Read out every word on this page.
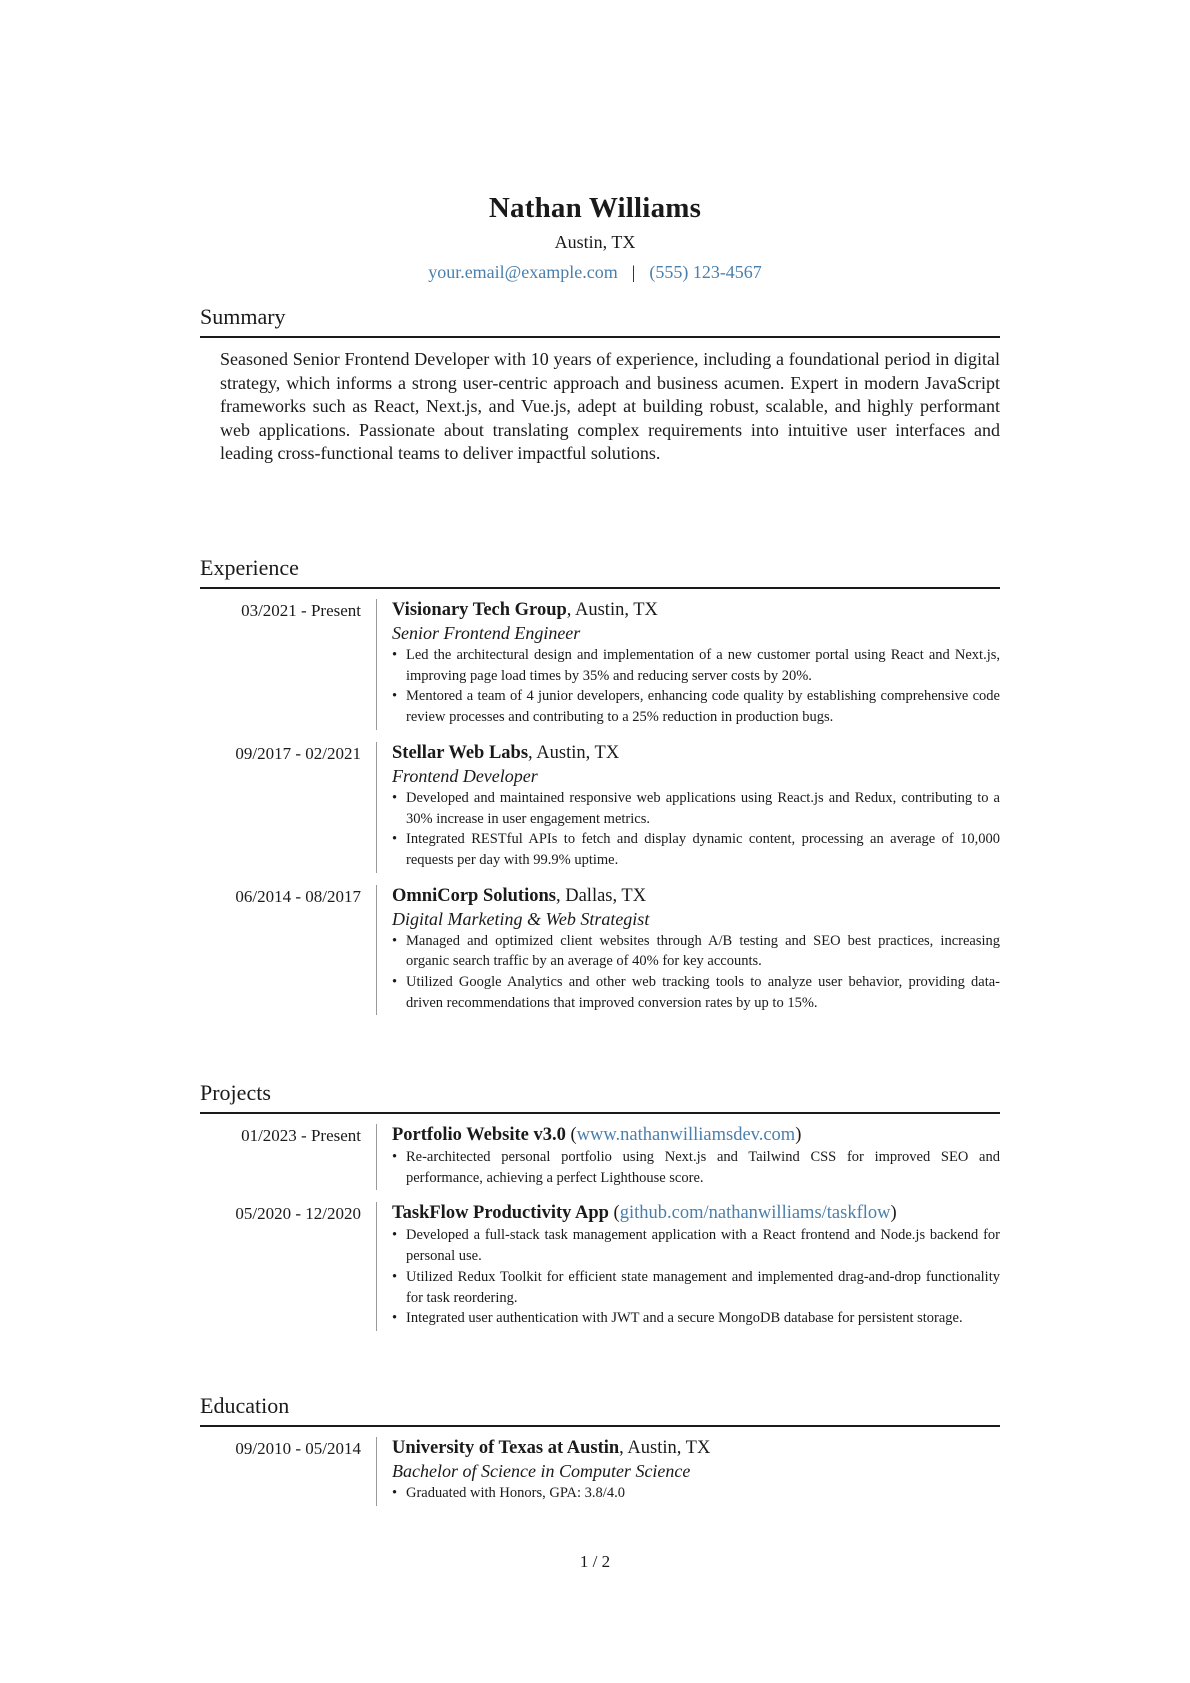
Nathan Williams
Austin, TX
your.email@example.com | (555) 123-4567
Summary
Seasoned Senior Frontend Developer with 10 years of experience, including a foundational period in digital strategy, which informs a strong user-centric approach and business acumen. Expert in modern JavaScript frameworks such as React, Next.js, and Vue.js, adept at building robust, scalable, and highly performant web applications. Passionate about translating complex requirements into intuitive user interfaces and leading cross-functional teams to deliver impactful solutions.
Experience
03/2021 - Present	Visionary Tech Group, Austin, TX
Senior Frontend Engineer
• Led the architectural design and implementation of a new customer portal using React and Next.js, improving page load times by 35% and reducing server costs by 20%.
• Mentored a team of 4 junior developers, enhancing code quality by establishing comprehensive code review processes and contributing to a 25% reduction in production bugs.
09/2017 - 02/2021	Stellar Web Labs, Austin, TX
Frontend Developer
• Developed and maintained responsive web applications using React.js and Redux, contributing to a 30% increase in user engagement metrics.
• Integrated RESTful APIs to fetch and display dynamic content, processing an average of 10,000 requests per day with 99.9% uptime.
06/2014 - 08/2017	OmniCorp Solutions, Dallas, TX
Digital Marketing & Web Strategist
• Managed and optimized client websites through A/B testing and SEO best practices, increasing organic search traffic by an average of 40% for key accounts.
• Utilized Google Analytics and other web tracking tools to analyze user behavior, providing data-driven recommendations that improved conversion rates by up to 15%.
Projects
01/2023 - Present	Portfolio Website v3.0 (www.nathanwilliamsdev.com)
• Re-architected personal portfolio using Next.js and Tailwind CSS for improved SEO and performance, achieving a perfect Lighthouse score.
05/2020 - 12/2020	TaskFlow Productivity App (github.com/nathanwilliams/taskflow)
• Developed a full-stack task management application with a React frontend and Node.js backend for personal use.
• Utilized Redux Toolkit for efficient state management and implemented drag-and-drop functionality for task reordering.
• Integrated user authentication with JWT and a secure MongoDB database for persistent storage.
Education
09/2010 - 05/2014	University of Texas at Austin, Austin, TX
Bachelor of Science in Computer Science
• Graduated with Honors, GPA: 3.8/4.0
1 / 2
